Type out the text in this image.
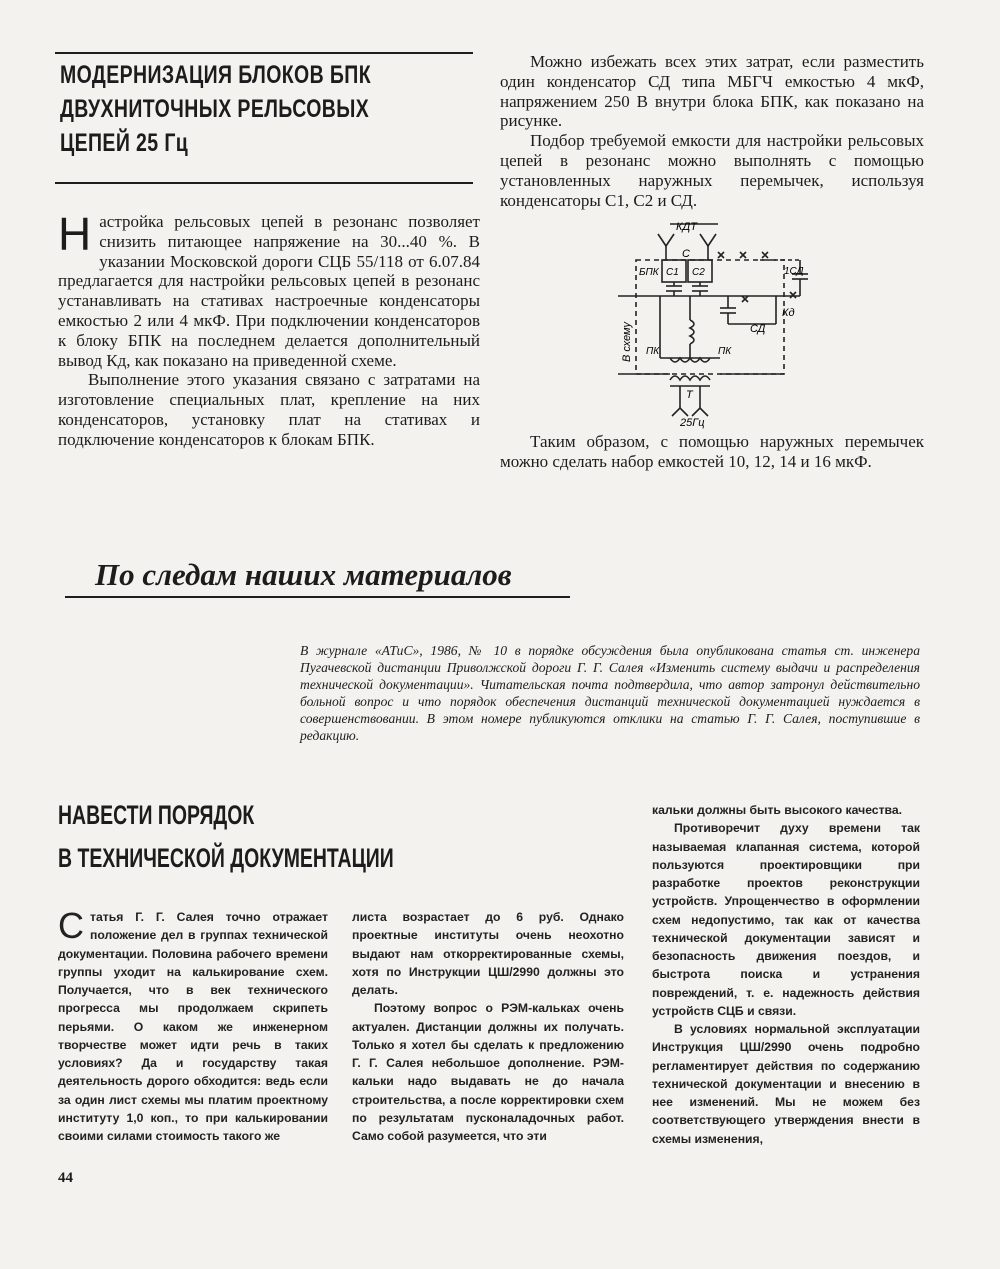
МОДЕРНИЗАЦИЯ БЛОКОВ БПК
ДВУХНИТОЧНЫХ РЕЛЬСОВЫХ
ЦЕПЕЙ 25 Гц

Н астройка рельсовых цепей в резонанс позволяет снизить питающее напряжение на 30...40 %. В указании Московской дороги СЦБ 55/118 от 6.07.84 предлагается для настройки рельсовых цепей в резонанс устанавливать на стативах настроечные конденсаторы емкостью 2 или 4 мкФ. При подключении конденсаторов к блоку БПК на последнем делается дополнительный вывод Кд, как показано на приведенной схеме.

Выполнение этого указания связано с затратами на изготовление специальных плат, крепление на них конденсаторов, установку плат на стативах и подключение конденсаторов к блокам БПК.

Можно избежать всех этих затрат, если разместить один конденсатор СД типа МБГЧ емкостью 4 мкФ, напряжением 250 В внутри блока БПК, как показано на рисунке.

Подбор требуемой емкости для настройки рельсовых цепей в резонанс можно выполнять с помощью установленных наружных перемычек, используя конденсаторы С1, С2 и СД.

КДТ
С
БПК С1 С2	1СД
СД
Кд
В схему ПК	ПК
Т
25Гц

Таким образом, с помощью наружных перемычек можно сделать набор емкостей 10, 12, 14 и 16 мкФ.

По следам наших материалов
В журнале «АТиС», 1986, № 10 в порядке обсуждения была опубликована статья ст. инженера Пугачевской дистанции Приволжской дороги Г. Г. Салея «Изменить систему выдачи и распределения технической документации». Читательская почта подтвердила, что автор затронул действительно больной вопрос и что порядок обеспечения дистанций технической документацией нуждается в совершенствовании. В этом номере публикуются отклики на статью Г. Г. Салея, поступившие в редакцию.
НАВЕСТИ ПОРЯДОК
В ТЕХНИЧЕСКОЙ ДОКУМЕНТАЦИИ

С татья Г. Г. Салея точно отражает положение дел в группах технической документации. Половина рабочего времени группы уходит на калькирование схем. Получается, что в век технического прогресса мы продолжаем скрипеть перьями. О каком же инженерном творчестве может идти речь в таких условиях? Да и государству такая деятельность дорого обходится: ведь если за один лист схемы мы платим проектному институту 1,0 коп., то при калькировании своими силами стоимость такого же

листа возрастает до 6 руб. Однако проектные институты очень неохотно выдают нам откорректированные схемы, хотя по Инструкции ЦШ/2990 должны это делать.

Поэтому вопрос о РЭМ-кальках очень актуален. Дистанции должны их получать. Только я хотел бы сделать к предложению Г. Г. Салея небольшое дополнение. РЭМ-кальки надо выдавать не до начала строительства, а после корректировки схем по результатам пусконаладочных работ. Само собой разумеется, что эти

кальки должны быть высокого качества.

Противоречит духу времени так называемая клапанная система, которой пользуются проектировщики при разработке проектов реконструкции устройств. Упрощенчество в оформлении схем недопустимо, так как от качества технической документации зависят и безопасность движения поездов, и быстрота поиска и устранения повреждений, т. е. надежность действия устройств СЦБ и связи.

В условиях нормальной эксплуатации Инструкция ЦШ/2990 очень подробно регламентирует действия по содержанию технической документации и внесению в нее изменений. Мы не можем без соответствующего утверждения внести в схемы изменения,

44
